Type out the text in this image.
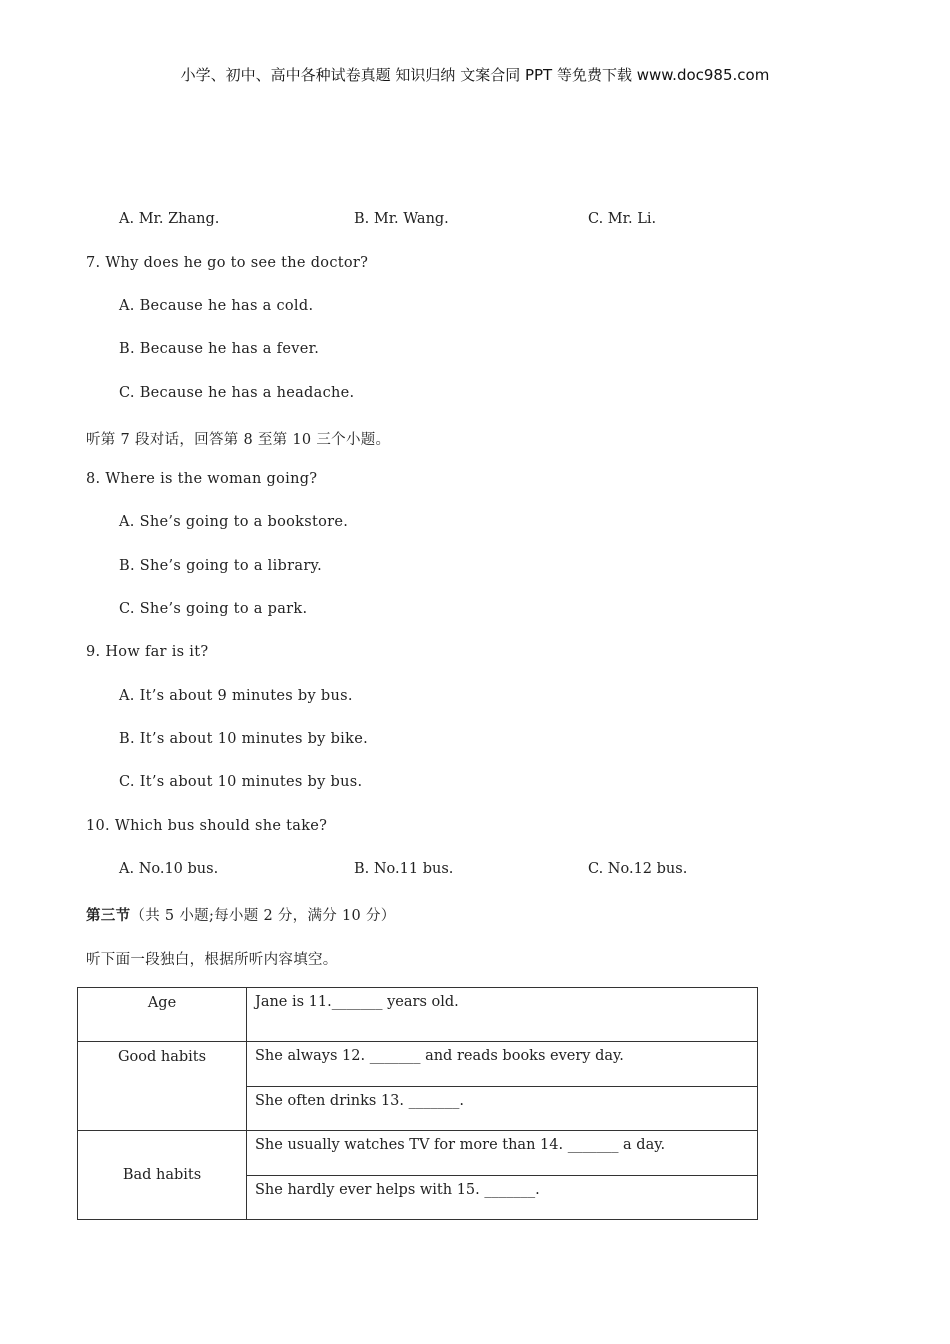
小学、初中、高中各种试卷真题 知识归纳 文案合同 PPT 等免费下载 www.doc985.com
A. Mr. Zhang.	B. Mr. Wang.	C. Mr. Li.
7. Why does he go to see the doctor?
A. Because he has a cold.
B. Because he has a fever.
C. Because he has a headache.
听第 7 段对话，回答第 8 至第 10 三个小题。
8. Where is the woman going?
A. She’s going to a bookstore.
B. She’s going to a library.
C. She’s going to a park.
9. How far is it?
A. It’s about 9 minutes by bus.
B. It’s about 10 minutes by bike.
C. It’s about 10 minutes by bus.
10. Which bus should she take?
A. No.10 bus.	B. No.11 bus.	C. No.12 bus.
第三节（共 5 小题;每小题 2 分，满分 10 分）
听下面一段独白，根据所听内容填空。
Age	Jane is 11._______ years old.
Good habits	She always 12. _______ and reads books every day.
	She often drinks 13. _______.
Bad habits	She usually watches TV for more than 14. _______ a day.
	She hardly ever helps with 15. _______.
